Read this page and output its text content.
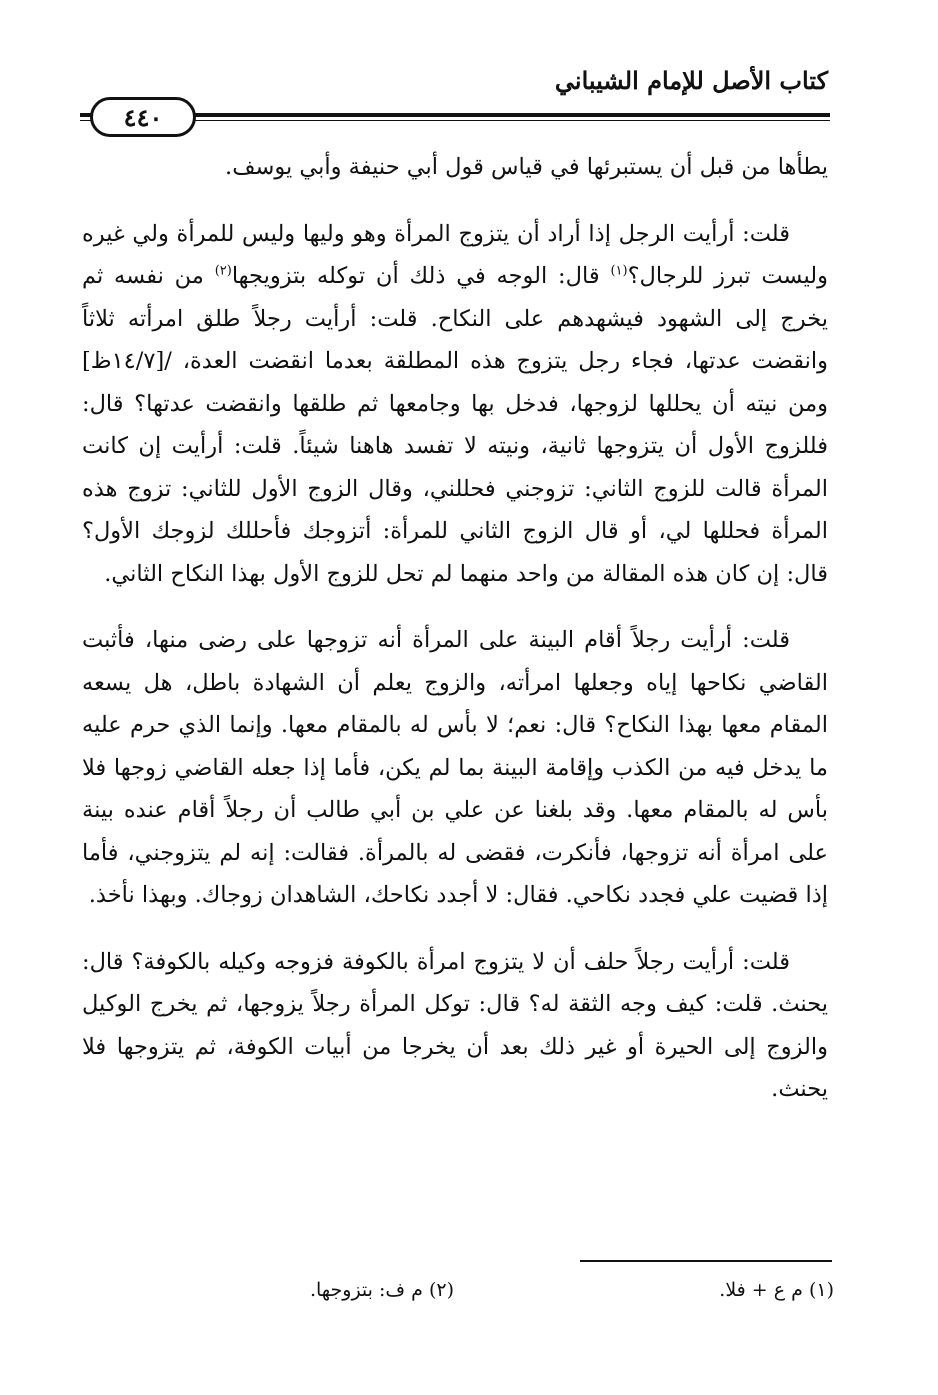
كتاب الأصل للإمام الشيباني
٤٤٠

يطأها من قبل أن يستبرئها في قياس قول أبي حنيفة وأبي يوسف.

قلت: أرأيت الرجل إذا أراد أن يتزوج المرأة وهو وليها وليس للمرأة ولي غيره وليست تبرز للرجال؟$^{(١)}$ قال: الوجه في ذلك أن توكله بتزويجها$^{(٢)}$ من نفسه ثم يخرج إلى الشهود فيشهدهم على النكاح. قلت: أرأيت رجلاً طلق امرأته ثلاثاً وانقضت عدتها، فجاء رجل يتزوج هذه المطلقة بعدما انقضت العدة، /[١٤/٧ظ] ومن نيته أن يحللها لزوجها، فدخل بها وجامعها ثم طلقها وانقضت عدتها؟ قال: فللزوج الأول أن يتزوجها ثانية، ونيته لا تفسد هاهنا شيئاً. قلت: أرأيت إن كانت المرأة قالت للزوج الثاني: تزوجني فحللني، وقال الزوج الأول للثاني: تزوج هذه المرأة فحللها لي، أو قال الزوج الثاني للمرأة: أتزوجك فأحللك لزوجك الأول؟ قال: إن كان هذه المقالة من واحد منهما لم تحل للزوج الأول بهذا النكاح الثاني.

قلت: أرأيت رجلاً أقام البينة على المرأة أنه تزوجها على رضى منها، فأثبت القاضي نكاحها إياه وجعلها امرأته، والزوج يعلم أن الشهادة باطل، هل يسعه المقام معها بهذا النكاح؟ قال: نعم؛ لا بأس له بالمقام معها. وإنما الذي حرم عليه ما يدخل فيه من الكذب وإقامة البينة بما لم يكن، فأما إذا جعله القاضي زوجها فلا بأس له بالمقام معها. وقد بلغنا عن علي بن أبي طالب أن رجلاً أقام عنده بينة على امرأة أنه تزوجها، فأنكرت، فقضى له بالمرأة. فقالت: إنه لم يتزوجني، فأما إذا قضيت علي فجدد نكاحي. فقال: لا أجدد نكاحك، الشاهدان زوجاك. وبهذا نأخذ.

قلت: أرأيت رجلاً حلف أن لا يتزوج امرأة بالكوفة فزوجه وكيله بالكوفة؟ قال: يحنث. قلت: كيف وجه الثقة له؟ قال: توكل المرأة رجلاً يزوجها، ثم يخرج الوكيل والزوج إلى الحيرة أو غير ذلك بعد أن يخرجا من أبيات الكوفة، ثم يتزوجها فلا يحنث.

(١) م ع + فلا.
(٢) م ف: بتزوجها.
